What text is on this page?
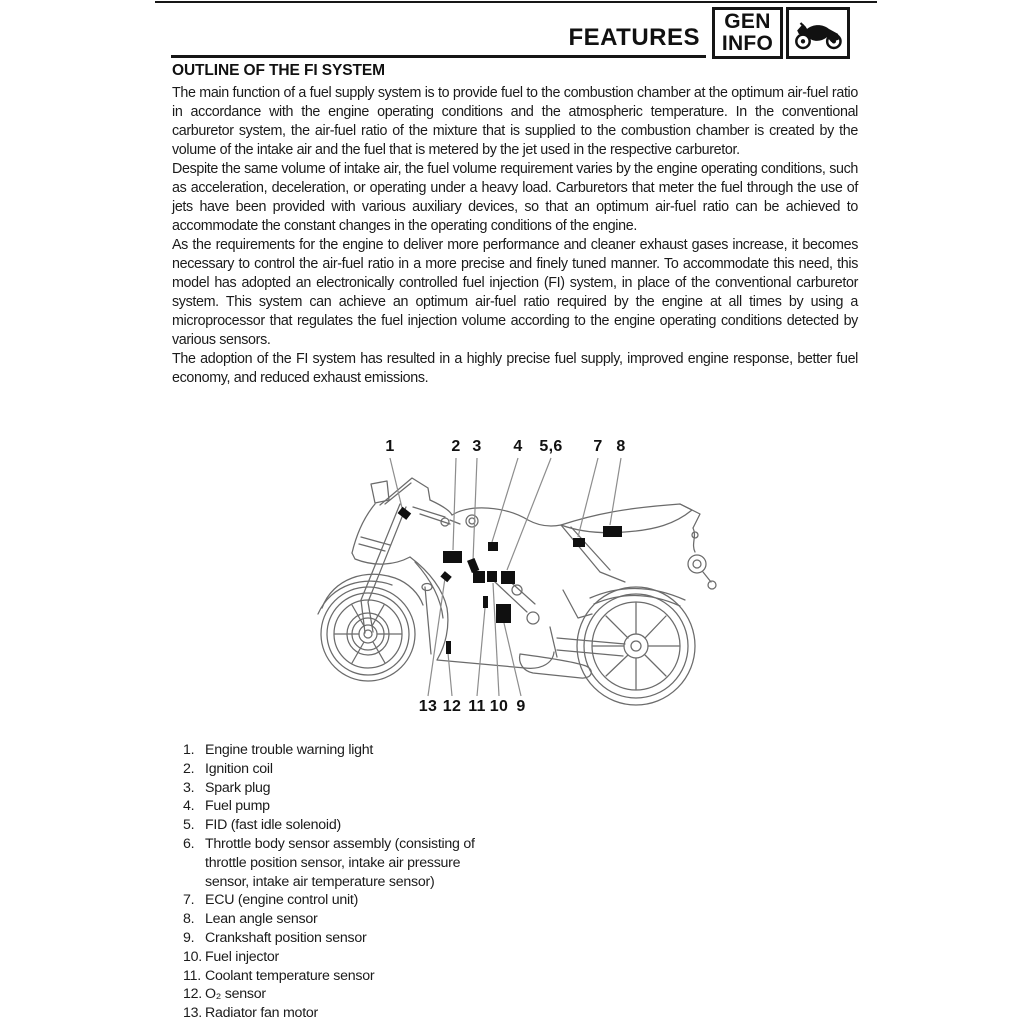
FEATURES
GEN
INFO
OUTLINE OF THE FI SYSTEM

The main function of a fuel supply system is to provide fuel to the combustion chamber at the optimum air-fuel ratio in accordance with the engine operating conditions and the atmospheric temperature. In the conventional carburetor system, the air-fuel ratio of the mixture that is supplied to the combustion chamber is created by the volume of the intake air and the fuel that is metered by the jet used in the respective carburetor.

Despite the same volume of intake air, the fuel volume requirement varies by the engine operating conditions, such as acceleration, deceleration, or operating under a heavy load. Carburetors that meter the fuel through the use of jets have been provided with various auxiliary devices, so that an optimum air-fuel ratio can be achieved to accommodate the constant changes in the operating conditions of the engine.

As the requirements for the engine to deliver more performance and cleaner exhaust gases increase, it becomes necessary to control the air-fuel ratio in a more precise and finely tuned manner. To accommodate this need, this model has adopted an electronically controlled fuel injection (FI) system, in place of the conventional carburetor system. This system can achieve an optimum air-fuel ratio required by the engine at all times by using a microprocessor that regulates the fuel injection volume according to the engine operating conditions detected by various sensors.

The adoption of the FI system has resulted in a highly precise fuel supply, improved engine response, better fuel economy, and reduced exhaust emissions.

1	2 3 4 5,6 7 8
13 12 11 10 9
1. Engine trouble warning light
2. Ignition coil
3. Spark plug
4. Fuel pump
5. FID (fast idle solenoid)
6. Throttle body sensor assembly (consisting of throttle position sensor, intake air pressure sensor, intake air temperature sensor)
7. ECU (engine control unit)
8. Lean angle sensor
9. Crankshaft position sensor
10. Fuel injector
11. Coolant temperature sensor
12. O₂ sensor
13. Radiator fan motor
